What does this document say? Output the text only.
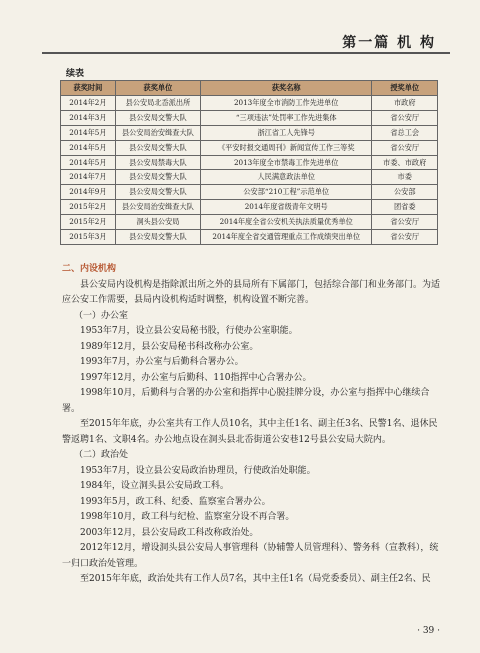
第一篇 机 构
续表
获奖时间	获奖单位	获奖名称	授奖单位
2014年2月	县公安局北岙派出所	2013年度全市消防工作先进单位	市政府
2014年3月	县公安局交警大队	“三项违法”处罚率工作先进集体	省公安厅
2014年5月	县公安局治安缉查大队	浙江省工人先锋号	省总工会
2014年5月	县公安局交警大队	《平安时报交通周刊》新闻宣传工作三等奖	省公安厅
2014年5月	县公安局禁毒大队	2013年度全市禁毒工作先进单位	市委、市政府
2014年7月	县公安局交警大队	人民满意政法单位	市委
2014年9月	县公安局交警大队	公安部“210工程”示范单位	公安部
2015年2月	县公安局治安缉查大队	2014年度省级青年文明号	团省委
2015年2月	洞头县公安局	2014年度全省公安机关执法质量优秀单位	省公安厅
2015年3月	县公安局交警大队	2014年度全省交通管理重点工作成绩突出单位	省公安厅

二、内设机构

县公安局内设机构是指除派出所之外的县局所有下属部门，包括综合部门和业务部门。为适应公安工作需要，县局内设机构适时调整，机构设置不断完善。

（一）办公室

1953年7月，设立县公安局秘书股，行使办公室职能。

1989年12月，县公安局秘书科改称办公室。

1993年7月，办公室与后勤科合署办公。

1997年12月，办公室与后勤科、110指挥中心合署办公。

1998年10月，后勤科与合署的办公室和指挥中心脱挂牌分设，办公室与指挥中心继续合署。

至2015年年底，办公室共有工作人员10名，其中主任1名、副主任3名、民警1名、退休民警返聘1名、文职4名。办公地点设在洞头县北岙街道公安巷12号县公安局大院内。

（二）政治处

1953年7月，设立县公安局政治协理员，行使政治处职能。

1984年，设立洞头县公安局政工科。

1993年5月，政工科、纪委、监察室合署办公。

1998年10月，政工科与纪检、监察室分设不再合署。

2003年12月，县公安局政工科改称政治处。

2012年12月，增设洞头县公安局人事管理科（协辅警人员管理科）、警务科（宣教科），统一归口政治处管理。

至2015年年底，政治处共有工作人员7名，其中主任1名（局党委委员）、副主任2名、民

· 39 ·
